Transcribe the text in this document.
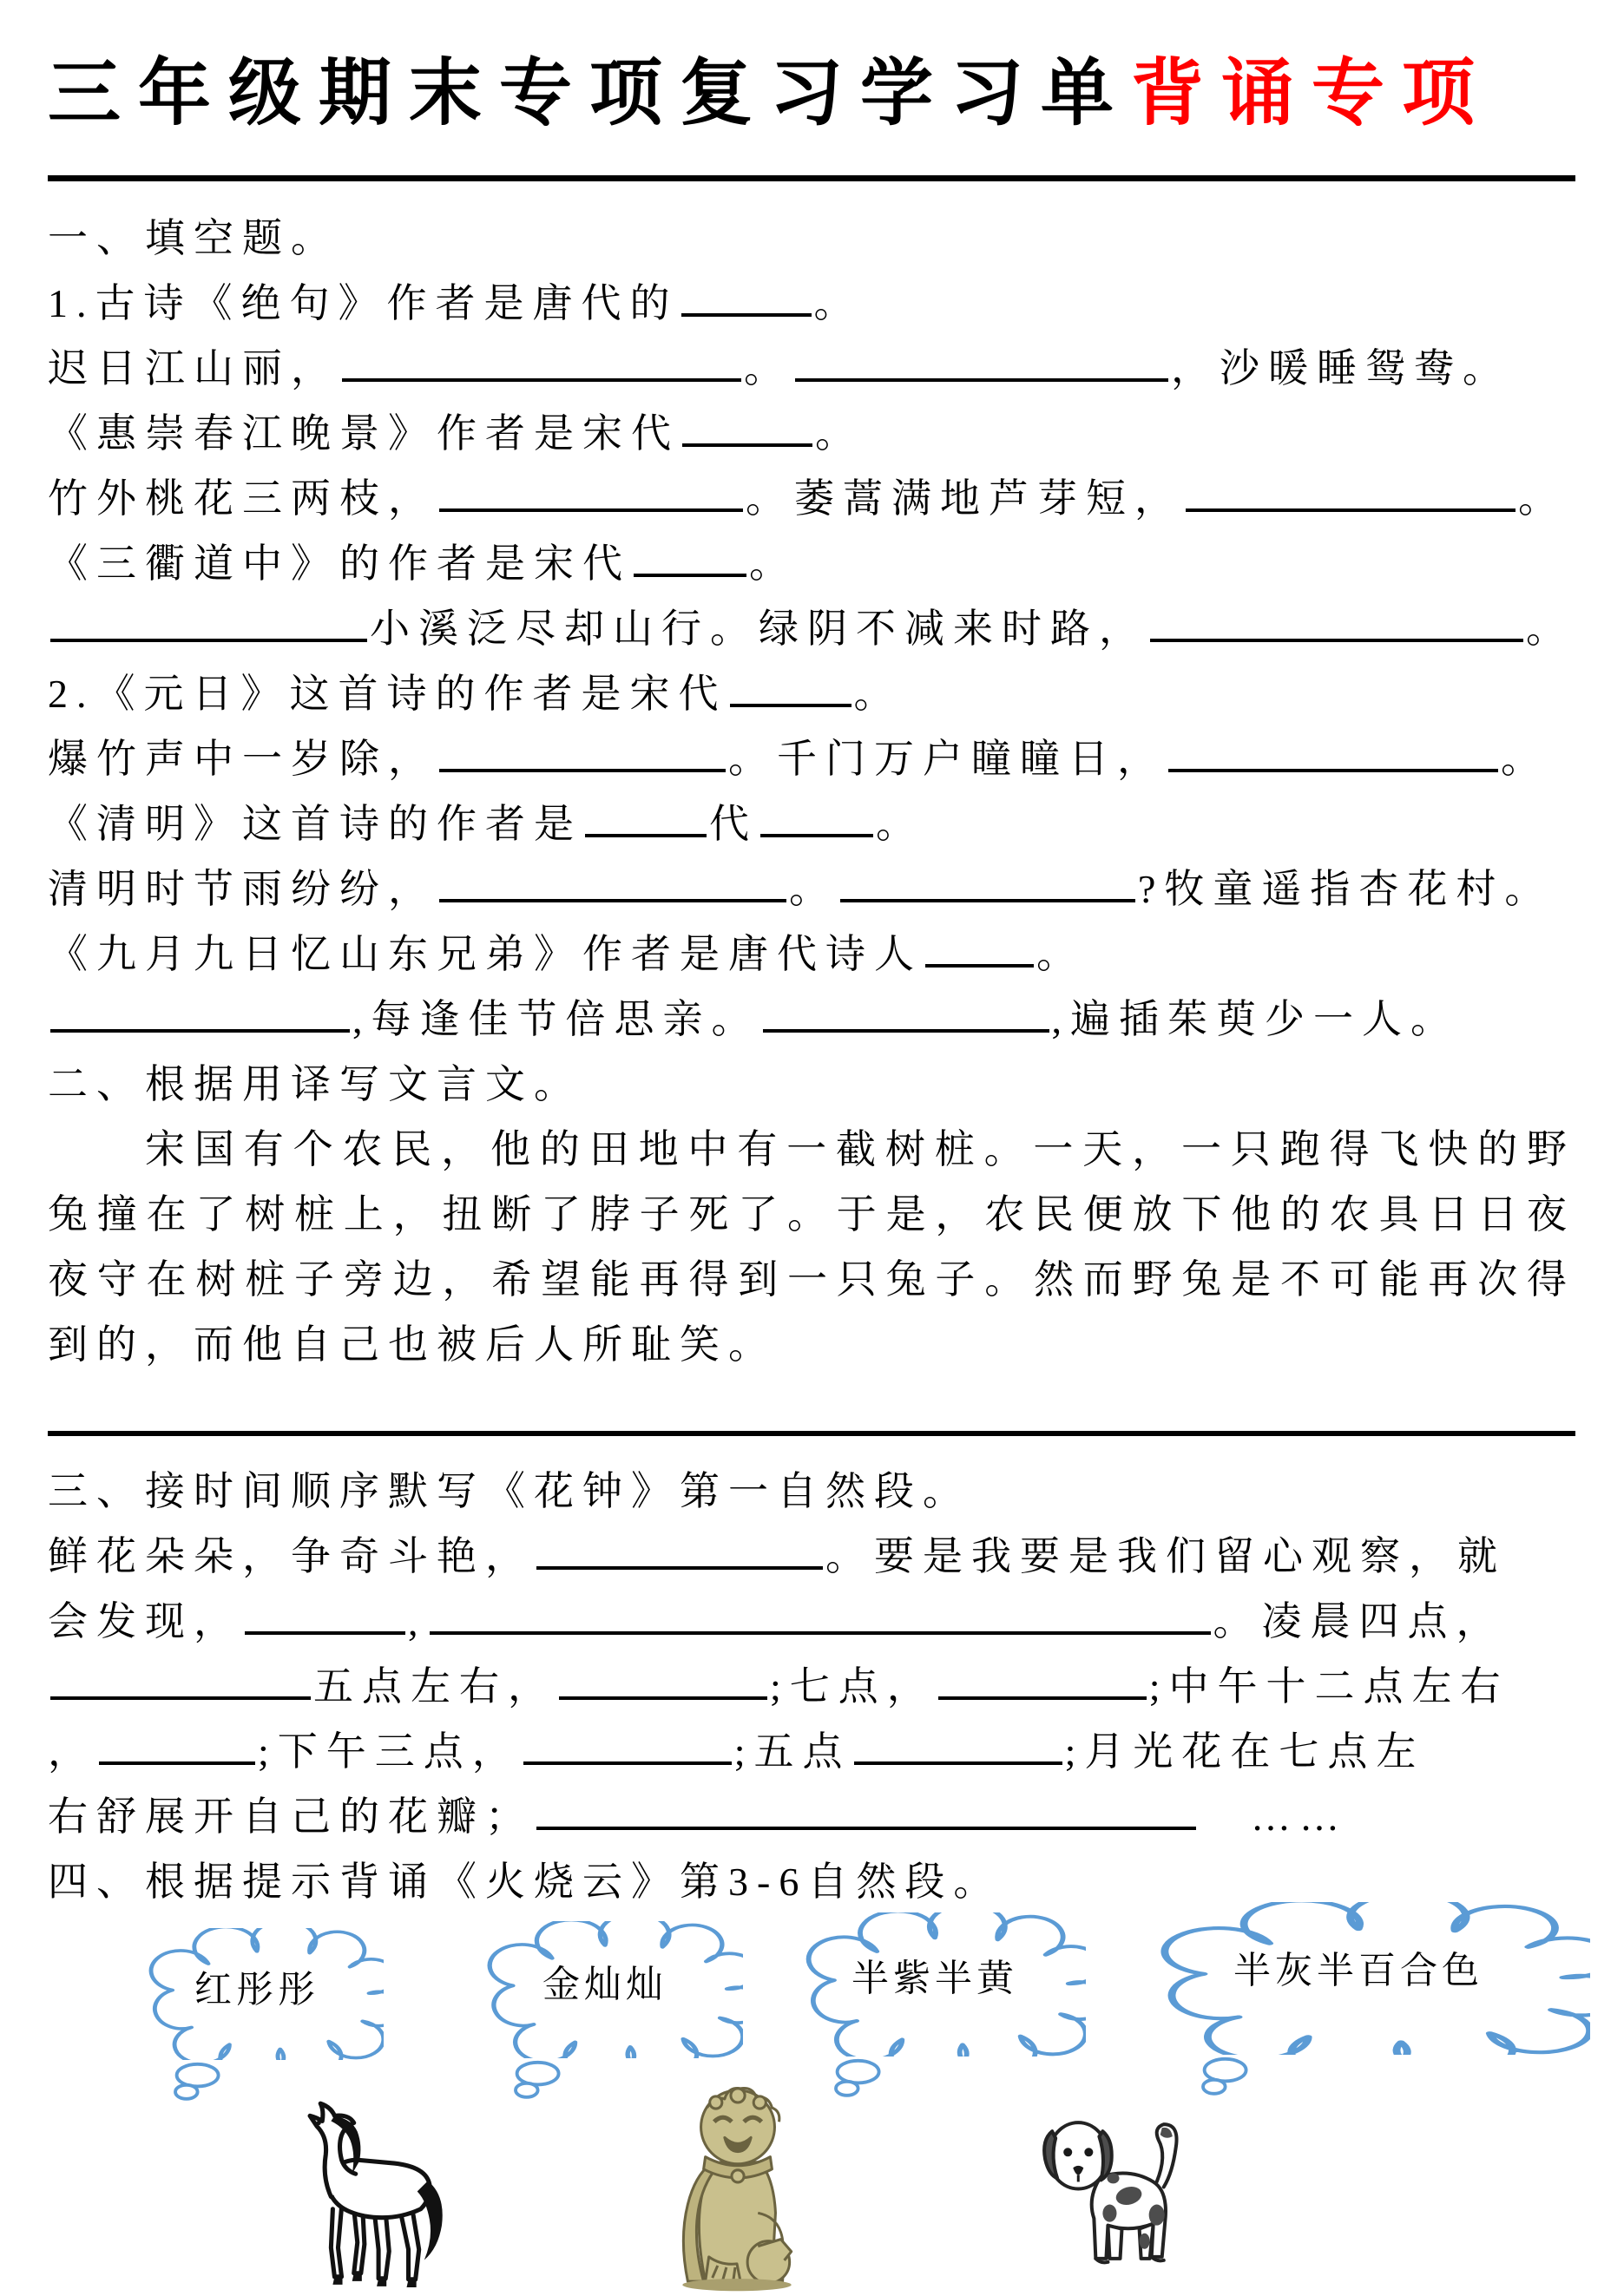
三年级期末专项复习学习单背诵专项
一、填空题。
1.古诗《绝句》作者是唐代的	。
迟日江山丽，	。	，沙暖睡鸳鸯。
《惠崇春江晚景》作者是宋代	。
竹外桃花三两枝，	。萎蒿满地芦芽短，	。
《三衢道中》的作者是宋代	。
小溪泛尽却山行。绿阴不减来时路，	。
2.《元日》这首诗的作者是宋代	。
爆竹声中一岁除，	。千门万户瞳瞳日，	。
《清明》这首诗的作者是	代	。
清明时节雨纷纷，	。	?牧童遥指杏花村。
《九月九日忆山东兄弟》作者是唐代诗人	。
,每逢佳节倍思亲。	,遍插茱萸少一人。
二、根据用译写文言文。
宋国有个农民，他的田地中有一截树桩。一天，一只跑得飞快的野兔撞在了树桩上，扭断了脖子死了。于是，农民便放下他的农具日日夜夜守在树桩子旁边，希望能再得到一只兔子。然而野兔是不可能再次得到的，而他自己也被后人所耻笑。
三、接时间顺序默写《花钟》第一自然段。
鲜花朵朵，争奇斗艳，	。要是我要是我们留心观察，就
会发现，	,	。凌晨四点，
五点左右，	;七点，	;中午十二点左右
，	;下午三点，	;五点	;月光花在七点左
右舒展开自己的花瓣；	……
四、根据提示背诵《火烧云》第3-6自然段。
红彤彤	金灿灿	半紫半黄	半灰半百合色
